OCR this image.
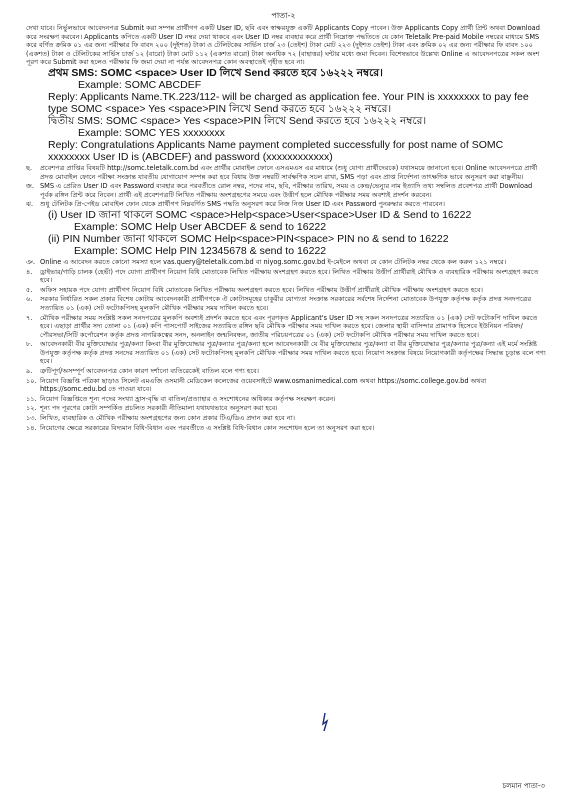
পাতা-২

দেখা যাবে। নির্ভুলভাবে আবেদনপত্র Submit করা সম্পন্ন প্রার্থীগণ একটি User ID, ছবি এবং স্বাক্ষরযুক্ত একটি Applicants Copy পাবেন। উক্ত Applicants Copy প্রার্থী প্রিন্ট অথবা Download করে সংরক্ষণ করবেন। Applicants কপিতে একটি User ID নম্বর দেয়া থাকবে এবং User ID নম্বর ব্যবহার করে প্রার্থী নিম্নোক্ত পদ্ধতিতে যে কোন Teletalk Pre-paid Mobile নম্বরের মাধ্যমে SMS করে বর্ণিত ক্রমিক ০১ এর জন্য পরীক্ষার ফি বাবদ ২০০ (দুইশত) টাকা ও টেলিটকের সার্ভিস চার্জ ২৩ (তেইশ) টাকা মোট ২২৩ (দুইশত তেইশ) টাকা এবং ক্রমিক ০২ এর জন্য পরীক্ষার ফি বাবদ ১০০ (একশত) টাকা ও টেলিটকের সার্ভিস চার্জ ১২ (বারো) টাকা মোট ১১২ (একশত বারো) টাকা অনধিক ৭২ (বাহাত্তর) ঘন্টার মধ্যে জমা দিবেন। বিশেষভাবে উল্লেখ্য Online এ আবেদনপত্রের সকল অংশ পূরণ করে Submit করা হলেও পরীক্ষার ফি জমা দেয়া না পর্যন্ত আবেদনপত্র কোন অবস্থাতেই গৃহীত হবে না।

প্রথম SMS: SOMC <space> User ID লিখে Send করতে হবে ১৬২২২ নম্বরে।

Example: SOMC ABCDEF

Reply: Applicants Name.TK.223/112- will be charged as application fee. Your PIN is xxxxxxxx to pay fee type SOMC <space> Yes <space>PIN লিখে Send করতে হবে ১৬২২২ নম্বরে।

দ্বিতীয় SMS: SOMC <space> Yes <space>PIN লিখে Send করতে হবে ১৬২২২ নম্বরে।

Example: SOMC YES xxxxxxxx

Reply: Congratulations Applicants Name payment completed successfully for post name of SOMC xxxxxxxx User ID is (ABCDEF) and password (xxxxxxxxxxxx)

ছ.	প্রবেশপত্র প্রাপ্তির বিষয়টি http://somc.teletalk.com.bd এবং প্রার্থীর মোবাইল ফোনে এসএমএস এর মাধ্যমে (শুধু যোগ্য প্রার্থীদেরকে) যথাসময়ে জানানো হবে। Online আবেদনপত্রে প্রার্থী প্রদত্ত মোবাইল ফোনে পরীক্ষা সংক্রান্ত যাবতীয় যোগাযোগ সম্পন্ন করা হবে বিধায় উক্ত নম্বরটি সার্বক্ষণিক সচল রাখা, SMS পড়া এবং প্রাপ্ত নির্দেশনা তাৎক্ষণিক ভাবে অনুসরণ করা বাঞ্ছনীয়।
জ. SMS এ প্রেরিত User ID এবং Password ব্যবহার করে পরবর্তীতে রোল নম্বর, পদের নাম, ছবি, পরীক্ষার তারিখ, সময় ও কেন্দ্র/ভেন্যুর নাম ইত্যাদি তথ্য সম্বলিত প্রবেশপত্র প্রার্থী Download পূর্বক রঙ্গিন প্রিন্ট করে নিবেন। প্রার্থী এই প্রবেশপত্রটি লিখিত পরীক্ষায় অংশগ্রহণের সময়ে এবং উত্তীর্ণ হলে মৌখিক পরীক্ষার সময় অবশ্যই প্রদর্শন করবেন।
ঝ.	শুধু টেলিটক প্রি-পেইড মোবাইল ফোন থেকে প্রার্থীগণ নিম্নবর্ণিত SMS পদ্ধতি অনুসরণ করে নিজ নিজ User ID এবং Password পুনরুদ্ধার করতে পারবেন।

(i) User ID জানা থাকলে SOMC <space>Help<space>User<space>User ID & Send to 16222

Example: SOMC Help User ABCDEF & send to 16222

(ii) PIN Number জানা থাকলে SOMC Help<space>PIN<space> PIN no & send to 16222

Example: SOMC Help PIN 12345678 & send to 16222

ঞ. Online এ আবেদন করতে কোনো সমস্যা হলে vas.query@teletalk.com.bd বা niyog.somc.gov.bd ই-মেইলে অথবা যে কোন টেলিটক নম্বর থেকে কল করুন ১২১ নম্বরে।
৪.	ড্রাইভার/গাড়ি চালক (হেভী) পদে যোগ্য প্রার্থীগণ নিয়োগ বিধি মোতাবেক লিখিত পরীক্ষায় অংশগ্রহণ করতে হবে। লিখিত পরীক্ষায় উত্তীর্ণ প্রার্থীরাই মৌখিক ও ব্যবহারিক পরীক্ষায় অংশগ্রহণ করতে হবে।
৫.	অফিস সহায়ক পদে যোগ্য প্রার্থীগণ নিয়োগ বিধি মোতাবেক লিখিত পরীক্ষায় অংশগ্রহণ করতে হবে। লিখিত পরীক্ষায় উত্তীর্ণ প্রার্থীরাই মৌখিক পরীক্ষায় অংশগ্রহণ করতে হবে।
৬.	সরকার নির্ধারিত সকল প্রকার বিশেষ কোটায় আবেদনকারী প্রার্থীগণকে ঐ কোটাসমূহের চাকুরীর যোগ্যতা সংক্রান্ত সরকারের সর্বশেষ নির্দেশনা মোতাবেক উপযুক্ত কর্তৃপক্ষ কর্তৃক প্রদত্ত সনদপত্রের সত্যায়িত ০১ (এক) সেট ফটোকপিসহ মূলকপি মৌখিক পরীক্ষার সময় দাখিল করতে হবে।
৭.	মৌখিক পরীক্ষার সময় সংশ্লিষ্ট সকল সনদপত্রের মূলকপি অবশ্যই প্রদর্শন করতে হবে এবং পূরণকৃত Applicant's User ID সহ সকল সনদপত্রের সত্যায়িত ০১ (এক) সেট ফটোকপি দাখিল করতে হবে। এছাড়া প্রার্থীর সদ্য তোলা ০১ (এক) কপি পাসপোর্ট সাইজের সত্যায়িত রঙ্গিন ছবি মৌখিক পরীক্ষার সময় দাখিল করতে হবে। জেলার স্থায়ী বাসিন্দার প্রামাণক হিসেবে ইউনিয়ন পরিষদ/পৌরসভা/সিটি কর্পোরেশন কর্তৃক প্রদত্ত নাগরিকত্বের সনদ, অনলাইন জন্মনিবন্ধন, জাতীয় পরিচয়পত্রের ০১ (এক) সেট ফটোকপি মৌখিক পরীক্ষার সময় দাখিল করতে হবে।
৮.	আবেদনকারী বীর মুক্তিযোদ্ধার পুত্র/কন্যা কিংবা বীর মুক্তিযোদ্ধার পুত্র/কন্যার পুত্র/কন্যা হলে আবেদনকারী যে বীর মুক্তিযোদ্ধার পুত্র/কন্যা বা বীর মুক্তিযোদ্ধার পুত্র/কন্যার পুত্র/কন্যা এই মর্মে সংশ্লিষ্ট উপযুক্ত কর্তৃপক্ষ কর্তৃক প্রদত্ত সনদের সত্যায়িত ০১ (এক) সেট ফটোকপিসহ মূলকপি মৌখিক পরীক্ষার সময় দাখিল করতে হবে। নিয়োগ সংক্রান্ত বিষয়ে নিয়োগকারী কর্তৃপক্ষের সিদ্ধান্ত চূড়ান্ত বলে গণ্য হবে।
৯.	ত্রুটিপূর্ণ/অসম্পূর্ণ আবেদনপত্র কোন কারণ দর্শানো ব্যতিরেকেই বাতিল বলে গণ্য হবে।
১০. নিয়োগ বিজ্ঞপ্তি পত্রিকা ছাড়াও সিলেট এমএজি ওসমানী মেডিকেল কলেজের ওয়েবসাইটে www.osmanimedical.com অথবা https://somc.college.gov.bd অথবা https://somc.edu.bd তে পাওয়া যাবে।
১১. নিয়োগ বিজ্ঞপ্তিতে শূন্য পদের সংখ্যা হ্রাস-বৃদ্ধি বা বাতিল/প্রত্যাহার ও সংশোধনের অধিকার কর্তৃপক্ষ সংরক্ষণ করেন।
১২. শূন্য পদ পূরণের কোটা সম্পর্কিত প্রচলিত সরকারী নীতিমালা যথাযথভাবে অনুসরণ করা হবে।
১৩. লিখিত, ব্যবহারিক ও মৌখিক পরীক্ষায় অংশগ্রহণের জন্য কোন প্রকার টিএ/ডিএ প্রদান করা হবে না।
১৪. নিয়োগের ক্ষেত্রে সরকারের বিদ্যমান বিধি-বিধান এবং পরবর্তীতে এ সংশ্লিষ্ট বিধি-বিধান কোন সংশোধন হলে তা অনুসরণ করা হবে।
চলমান পাতা-৩
